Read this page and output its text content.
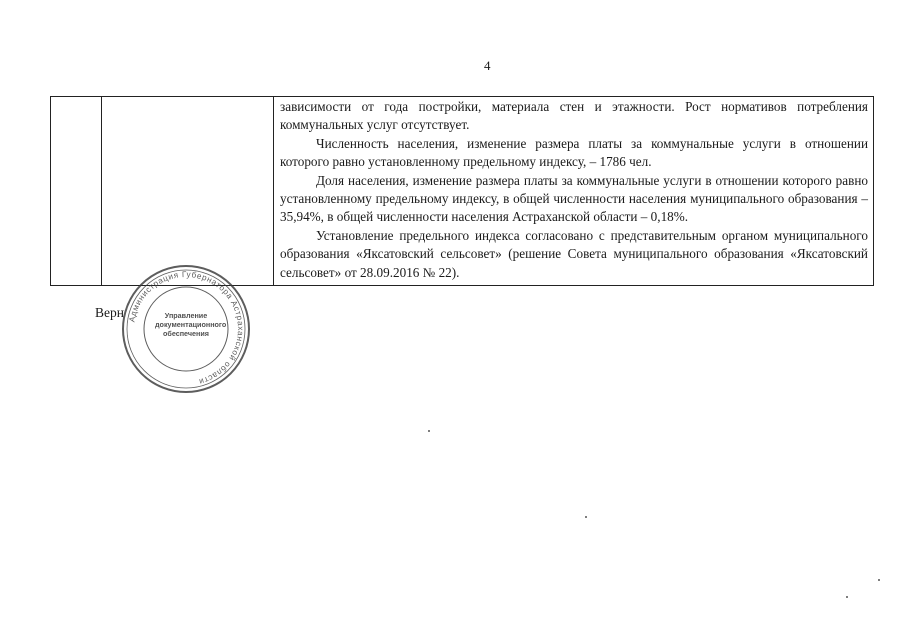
4

зависимости от года постройки, материала стен и этажности. Рост нормативов потребления коммунальных услуг отсутствует.

Численность населения, изменение размера платы за коммунальные услуги в отношении которого равно установленному предельному индексу, – 1786 чел.

Доля населения, изменение размера платы за коммунальные услуги в отношении которого равно установленному предельному индексу, в общей численности населения муниципального образования – 35,94%, в общей численности населения Астраханской области – 0,18%.

Установление предельного индекса согласовано с представительным органом муниципального образования «Яксатовский сельсовет» (решение Совета муниципального образования «Яксатовский сельсовет» от 28.09.2016 № 22).

Верн Администрация Губернатора Астраханской области
Управление
документационного
обеспечения
